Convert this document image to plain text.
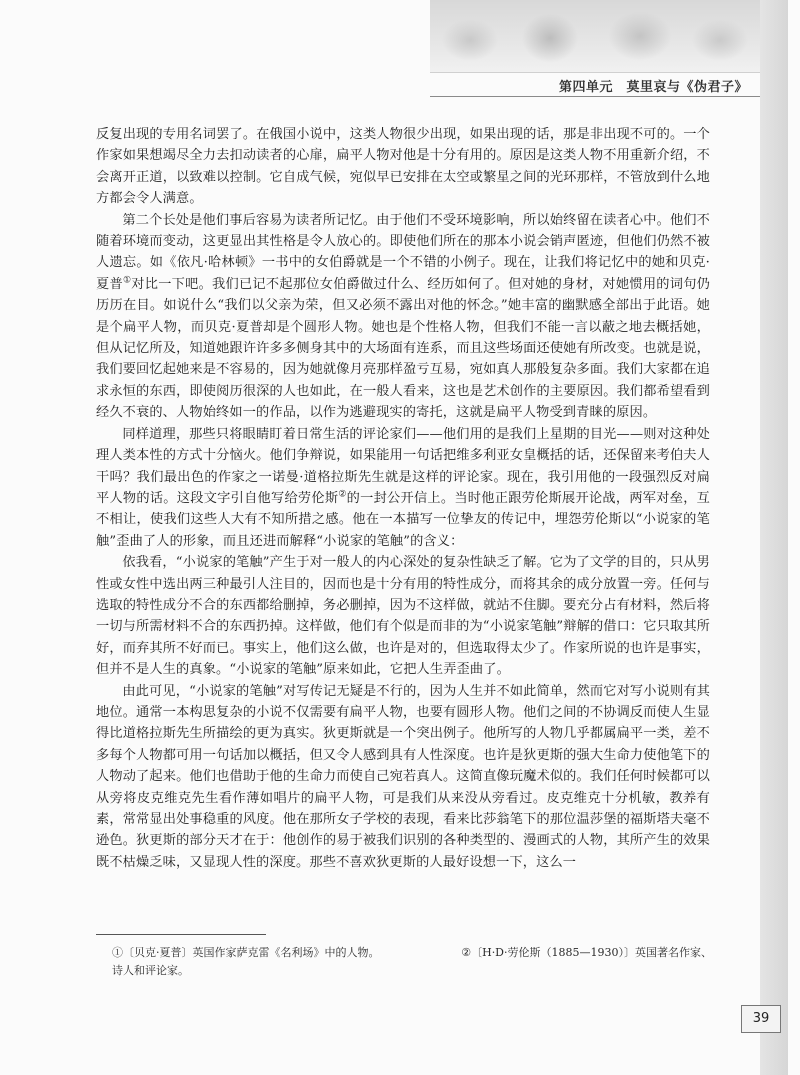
第四单元　莫里哀与《伪君子》

反复出现的专用名词罢了。在俄国小说中，这类人物很少出现，如果出现的话，那是非出现不可的。一个作家如果想竭尽全力去扣动读者的心扉，扁平人物对他是十分有用的。原因是这类人物不用重新介绍，不会离开正道，以致难以控制。它自成气候，宛似早已安排在太空或繁星之间的光环那样，不管放到什么地方都会令人满意。

第二个长处是他们事后容易为读者所记忆。由于他们不受环境影响，所以始终留在读者心中。他们不随着环境而变动，这更显出其性格是令人放心的。即使他们所在的那本小说会销声匿迹，但他们仍然不被人遗忘。如《依凡·哈林顿》一书中的女伯爵就是一个不错的小例子。现在，让我们将记忆中的她和贝克·夏普①对比一下吧。我们已记不起那位女伯爵做过什么、经历如何了。但对她的身材，对她惯用的词句仍历历在目。如说什么“我们以父亲为荣，但又必须不露出对他的怀念。”她丰富的幽默感全部出于此语。她是个扁平人物，而贝克·夏普却是个圆形人物。她也是个性格人物，但我们不能一言以蔽之地去概括她，但从记忆所及，知道她跟许许多多侧身其中的大场面有连系，而且这些场面还使她有所改变。也就是说，我们要回忆起她来是不容易的，因为她就像月亮那样盈亏互易，宛如真人那般复杂多面。我们大家都在追求永恒的东西，即使阅历很深的人也如此，在一般人看来，这也是艺术创作的主要原因。我们都希望看到经久不衰的、人物始终如一的作品，以作为逃避现实的寄托，这就是扁平人物受到青睐的原因。

同样道理，那些只将眼睛盯着日常生活的评论家们——他们用的是我们上星期的目光——则对这种处理人类本性的方式十分恼火。他们争辩说，如果能用一句话把维多利亚女皇概括的话，还保留来考伯夫人干吗？我们最出色的作家之一诺曼·道格拉斯先生就是这样的评论家。现在，我引用他的一段强烈反对扁平人物的话。这段文字引自他写给劳伦斯②的一封公开信上。当时他正跟劳伦斯展开论战，两军对垒，互不相让，使我们这些人大有不知所措之感。他在一本描写一位挚友的传记中，埋怨劳伦斯以“小说家的笔触”歪曲了人的形象，而且还进而解释“小说家的笔触”的含义：

依我看，“小说家的笔触”产生于对一般人的内心深处的复杂性缺乏了解。它为了文学的目的，只从男性或女性中选出两三种最引人注目的，因而也是十分有用的特性成分，而将其余的成分放置一旁。任何与选取的特性成分不合的东西都给删掉，务必删掉，因为不这样做，就站不住脚。要充分占有材料，然后将一切与所需材料不合的东西扔掉。这样做，他们有个似是而非的为“小说家笔触”辩解的借口：它只取其所好，而弃其所不好而已。事实上，他们这么做，也许是对的，但选取得太少了。作家所说的也许是事实，但并不是人生的真象。“小说家的笔触”原来如此，它把人生弄歪曲了。

由此可见，“小说家的笔触”对写传记无疑是不行的，因为人生并不如此简单，然而它对写小说则有其地位。通常一本构思复杂的小说不仅需要有扁平人物，也要有圆形人物。他们之间的不协调反而使人生显得比道格拉斯先生所描绘的更为真实。狄更斯就是一个突出例子。他所写的人物几乎都属扁平一类，差不多每个人物都可用一句话加以概括，但又令人感到具有人性深度。也许是狄更斯的强大生命力使他笔下的人物动了起来。他们也借助于他的生命力而使自己宛若真人。这简直像玩魔术似的。我们任何时候都可以从旁将皮克维克先生看作薄如唱片的扁平人物，可是我们从来没从旁看过。皮克维克十分机敏，教养有素，常常显出处事稳重的风度。他在那所女子学校的表现，看来比莎翁笔下的那位温莎堡的福斯塔夫毫不逊色。狄更斯的部分天才在于：他创作的易于被我们识别的各种类型的、漫画式的人物，其所产生的效果既不枯燥乏味，又显现人性的深度。那些不喜欢狄更斯的人最好设想一下，这么一

①〔贝克·夏普〕英国作家萨克雷《名利场》中的人物。	②〔H·D·劳伦斯（1885—1930）〕英国著名作家、
诗人和评论家。
39
